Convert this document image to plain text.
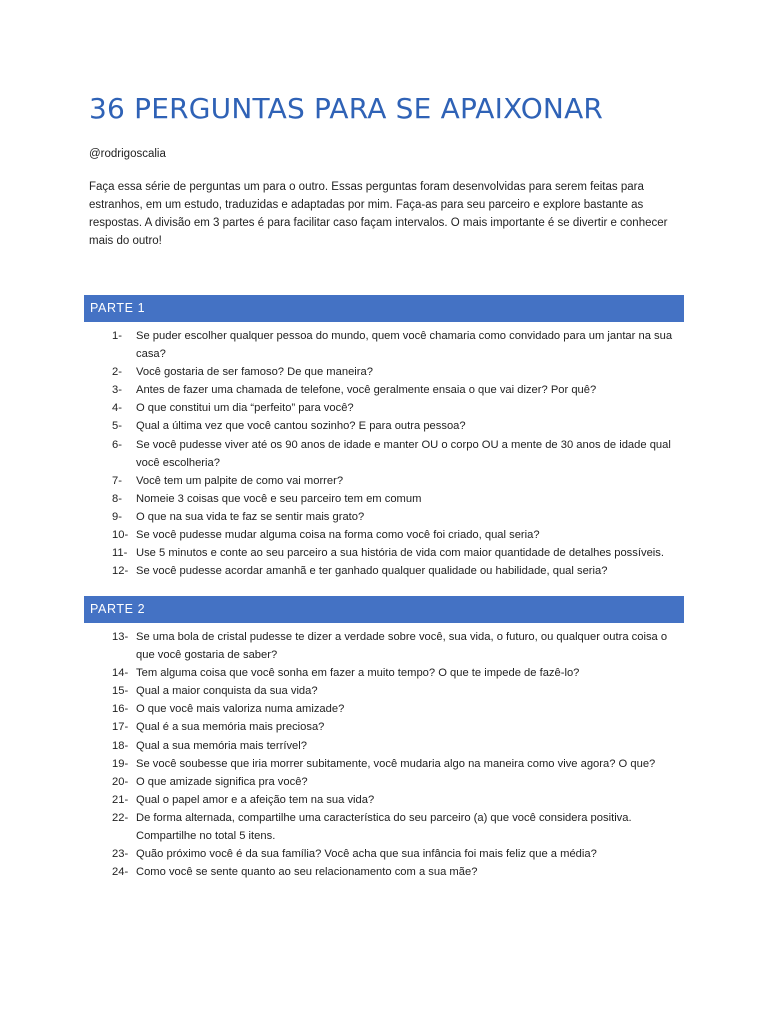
36 PERGUNTAS PARA SE APAIXONAR
@rodrigoscalia

Faça essa série de perguntas um para o outro. Essas perguntas foram desenvolvidas para serem feitas para estranhos, em um estudo, traduzidas e adaptadas por mim. Faça-as para seu parceiro e explore bastante as respostas. A divisão em 3 partes é para facilitar caso façam intervalos. O mais importante é se divertir e conhecer mais do outro!

PARTE 1
1-	Se puder escolher qualquer pessoa do mundo, quem você chamaria como convidado para um jantar na sua casa?
2-	Você gostaria de ser famoso? De que maneira?
3-	Antes de fazer uma chamada de telefone, você geralmente ensaia o que vai dizer? Por quê?
4-	O que constitui um dia “perfeito” para você?
5-	Qual a última vez que você cantou sozinho? E para outra pessoa?
6-	Se você pudesse viver até os 90 anos de idade e manter OU o corpo OU a mente de 30 anos de idade qual você escolheria?
7-	Você tem um palpite de como vai morrer?
8-	Nomeie 3 coisas que você e seu parceiro tem em comum
9-	O que na sua vida te faz se sentir mais grato?
10- Se você pudesse mudar alguma coisa na forma como você foi criado, qual seria?
11- Use 5 minutos e conte ao seu parceiro a sua história de vida com maior quantidade de detalhes possíveis.
12- Se você pudesse acordar amanhã e ter ganhado qualquer qualidade ou habilidade, qual seria?
PARTE 2
13- Se uma bola de cristal pudesse te dizer a verdade sobre você, sua vida, o futuro, ou qualquer outra coisa o que você gostaria de saber?
14- Tem alguma coisa que você sonha em fazer a muito tempo? O que te impede de fazê-lo?
15- Qual a maior conquista da sua vida?
16- O que você mais valoriza numa amizade?
17- Qual é a sua memória mais preciosa?
18- Qual a sua memória mais terrível?
19- Se você soubesse que iria morrer subitamente, você mudaria algo na maneira como vive agora? O que?
20- O que amizade significa pra você?
21- Qual o papel amor e a afeição tem na sua vida?
22- De forma alternada, compartilhe uma característica do seu parceiro (a) que você considera positiva. Compartilhe no total 5 itens.
23- Quão próximo você é da sua família? Você acha que sua infância foi mais feliz que a média?
24- Como você se sente quanto ao seu relacionamento com a sua mãe?
